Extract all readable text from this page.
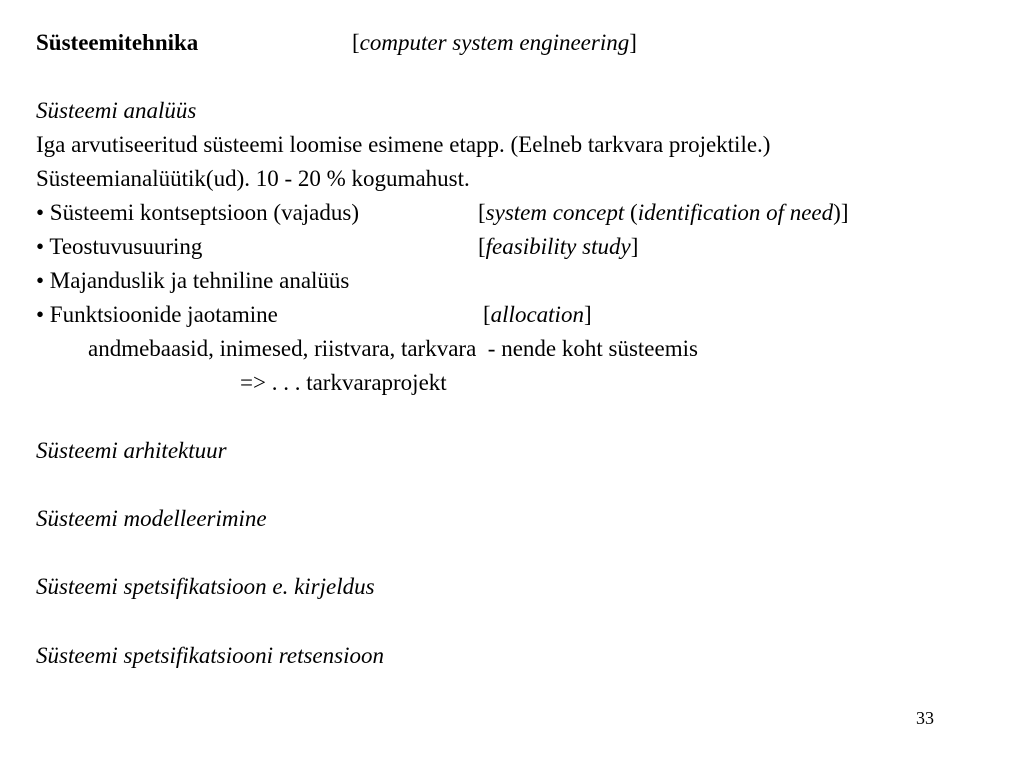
Süsteemitehnika	[computer system engineering]
Süsteemi analüüs
Iga arvutiseeritud süsteemi loomise esimene etapp. (Eelneb tarkvara projektile.)
Süsteemianalüütik(ud). 10 - 20 % kogumahust.
• Süsteemi kontseptsioon (vajadus)	[system concept (identification of need)]
• Teostuvusuuring	[feasibility study]
• Majanduslik ja tehniline analüüs
• Funktsioonide jaotamine	[allocation]
andmebaasid, inimesed, riistvara, tarkvara  - nende koht süsteemis
=> . . . tarkvaraprojekt
Süsteemi arhitektuur
Süsteemi modelleerimine
Süsteemi spetsifikatsioon e. kirjeldus
Süsteemi spetsifikatsiooni retsensioon
33
